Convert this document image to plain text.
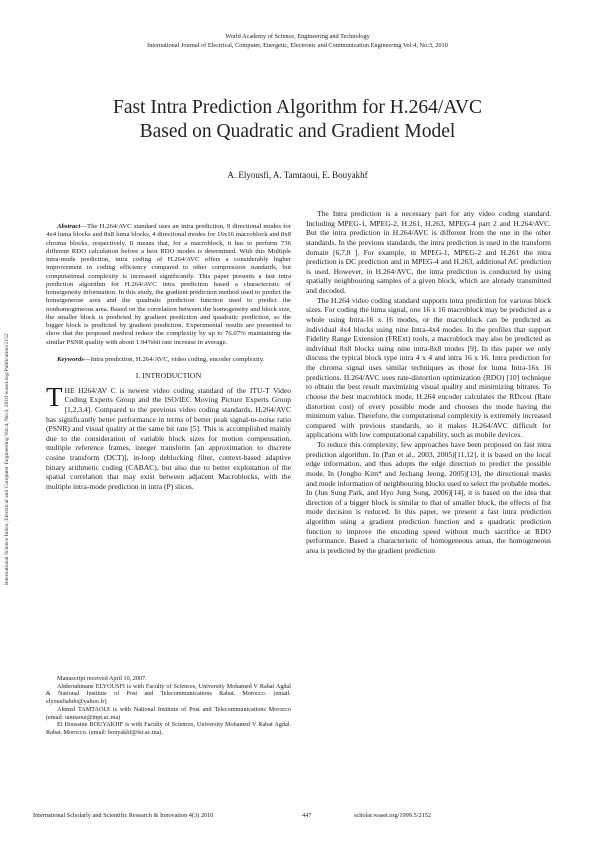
World Academy of Science, Engineering and Technology
International Journal of Electrical, Computer, Energetic, Electronic and Communication Engineering Vol:4, No:3, 2010
International Science Index, Electrical and Computer Engineering Vol:4, No:3, 2010 waset.org/Publication/2152
Fast Intra Prediction Algorithm for H.264/AVC
Based on Quadratic and Gradient Model
A. Elyousfi, A. Tamtaoui, E. Bouyakhf

Abstract—The H.264/AVC standard uses an intra prediction, 9 directional modes for 4x4 luma blocks and 8x8 luma blocks, 4 directional modes for 16x16 macroblock and 8x8 chroma blocks, respectively. It means that, for a macroblock, it has to perform 736 different RDO calculation before a best RDO modes is determined. With this Multiple intra-mode prediction, intra coding of H.264/AVC offers a considerably higher improvement in coding efficiency compared to other compression standards, but computational complexity is increased significantly. This paper presents a fast intra prediction algorithm for H.264/AVC intra prediction based a characteristic of homogeneity information. In this study, the gradient prediction method used to predict the homogeneous area and the quadratic prediction function used to predict the nonhomogeneous area. Based on the correlation between the homogeneity and block size, the smaller block is predicted by gradient prediction and quadratic prediction, so the bigger block is predicted by gradient prediction. Experimental results are presented to show that the proposed method reduce the complexity by up to 76.07% maintaining the similar PSNR quality with about 1.94%bit rate increase in average.

Keywords—Intra prediction, H.264/AVC, video coding, encoder complexity.

I. INTRODUCTION

THE H264/AV C is newest video coding standard of the ITU-T Video Coding Experts Group and the ISO/IEC Moving Picture Experts Group [1,2,3,4]. Compared to the previous video coding standards, H.264/AVC has significantly better performance in terms of better peak signal-to-noise ratio (PSNR) and visual quality at the same bit rate [5]. This is accomplished mainly due to the consideration of variable block sizes for motion compensation, multiple reference frames, integer transform [an approximation to discrete cosine transform (DCT)], in-loop deblocking filter, context-based adaptive binary arithmetic coding (CABAC), but also due to better exploitation of the spatial correlation that may exist between adjacent Macroblocks, with the multiple intra-mode prediction in intra (P) slices.

Manuscript received April 10, 2007.

Abderrahmane ELYOUSFI is with Faculty of Sciences, University Mohamed V Rabat Agdal & National Institute of Post and Telecommunications Rabat. Morocco. (email: elyousfiabdo@yahoo.fr)

Ahmed TAMTAOUI is with National Institute of Post and Telecommunications Morocco (email: tamtaoui@inpt.ac.ma)

El Houssine BOUYAKHF is with Faculty of Sciences, University Mohamed V Rabat Agdal. Rabat. Morocco. (email: bouyakhf@fsr.ac.ma).

The Intra prediction is a necessary part for any video coding standard. Including MPEG-1, MPEG-2, H.261, H.263, MPEG-4 part 2 and H.264/AVC. But the intra prediction in H.264/AVC is different from the one in the other standards. In the previous standards, the intra prediction is used in the transform domain [6,7,8 ]. For example, in MPEG-1, MPEG-2 and H.261 the intra prediction is DC prediction and in MPEG-4 and H.263, additional AC prediction is used. However, in H.264/AVC, the intra prediction is conducted by using spatially neighbouring samples of a given block, which are already transmitted and decoded.

The H.264 video coding standard supports intra prediction for various block sizes. For coding the luma signal, one 16 x 16 macroblock may be predicted as a whole using Intra-16 x 16 modes, or the macroblock can be predicted as individual 4x4 blocks using nine Intra-4x4 modes. In the profiles that support Fidelity Range Extension (FRExt) tools, a macroblock may also be predicted as individual 8x8 blocks using nine intra-8x8 modes [9]. In this paper we only discuss the typical block type intra 4 x 4 and intra 16 x 16. Intra prediction for the chroma signal uses similar techniques as those for luma Intra-16x 16 predictions. H.264/AVC uses rate-distortion optimization (RDO) [10] technique to obtain the best result maximizing visual quality and minimizing bitrates. To choose the best macroblock mode, H.264 encoder calculates the RDcost (Rate distortion cost) of every possible mode and chooses the mode having the minimum value. Therefore, the computational complexity is extremely increased compared with previous standards, so it makes H.264/AVC difficult for applications with low computational capability, such as mobile devices.

To reduce this complexity, few approaches have been proposed on fast intra prediction algorithm. In (Pan et al., 2003, 2005)[11,12], it is based on the local edge information, and thus adopts the edge direction to predict the possible mode. In (Jongho Kim* and Jechang Jeong, 2005)[13], the directional masks and mode information of neighbouring blocks used to select the probable modes. In (Jun Sung Park, and Hyo Jung Song, 2006)[14], it is based on the idea that direction of a bigger block is similar to that of smaller block, the effects of fist mode decision is reduced. In this paper, we present a fast intra prediction algorithm using a gradient prediction function and a quadratic prediction function to improve the encoding speed without much sacrifice at RDO performance. Based a characteristic of homogeneous areas, the homogeneous area is predicted by the gradient prediction

International Scholarly and Scientific Research & Innovation 4(3) 2010	447	scholar.waset.org/1999.5/2152
